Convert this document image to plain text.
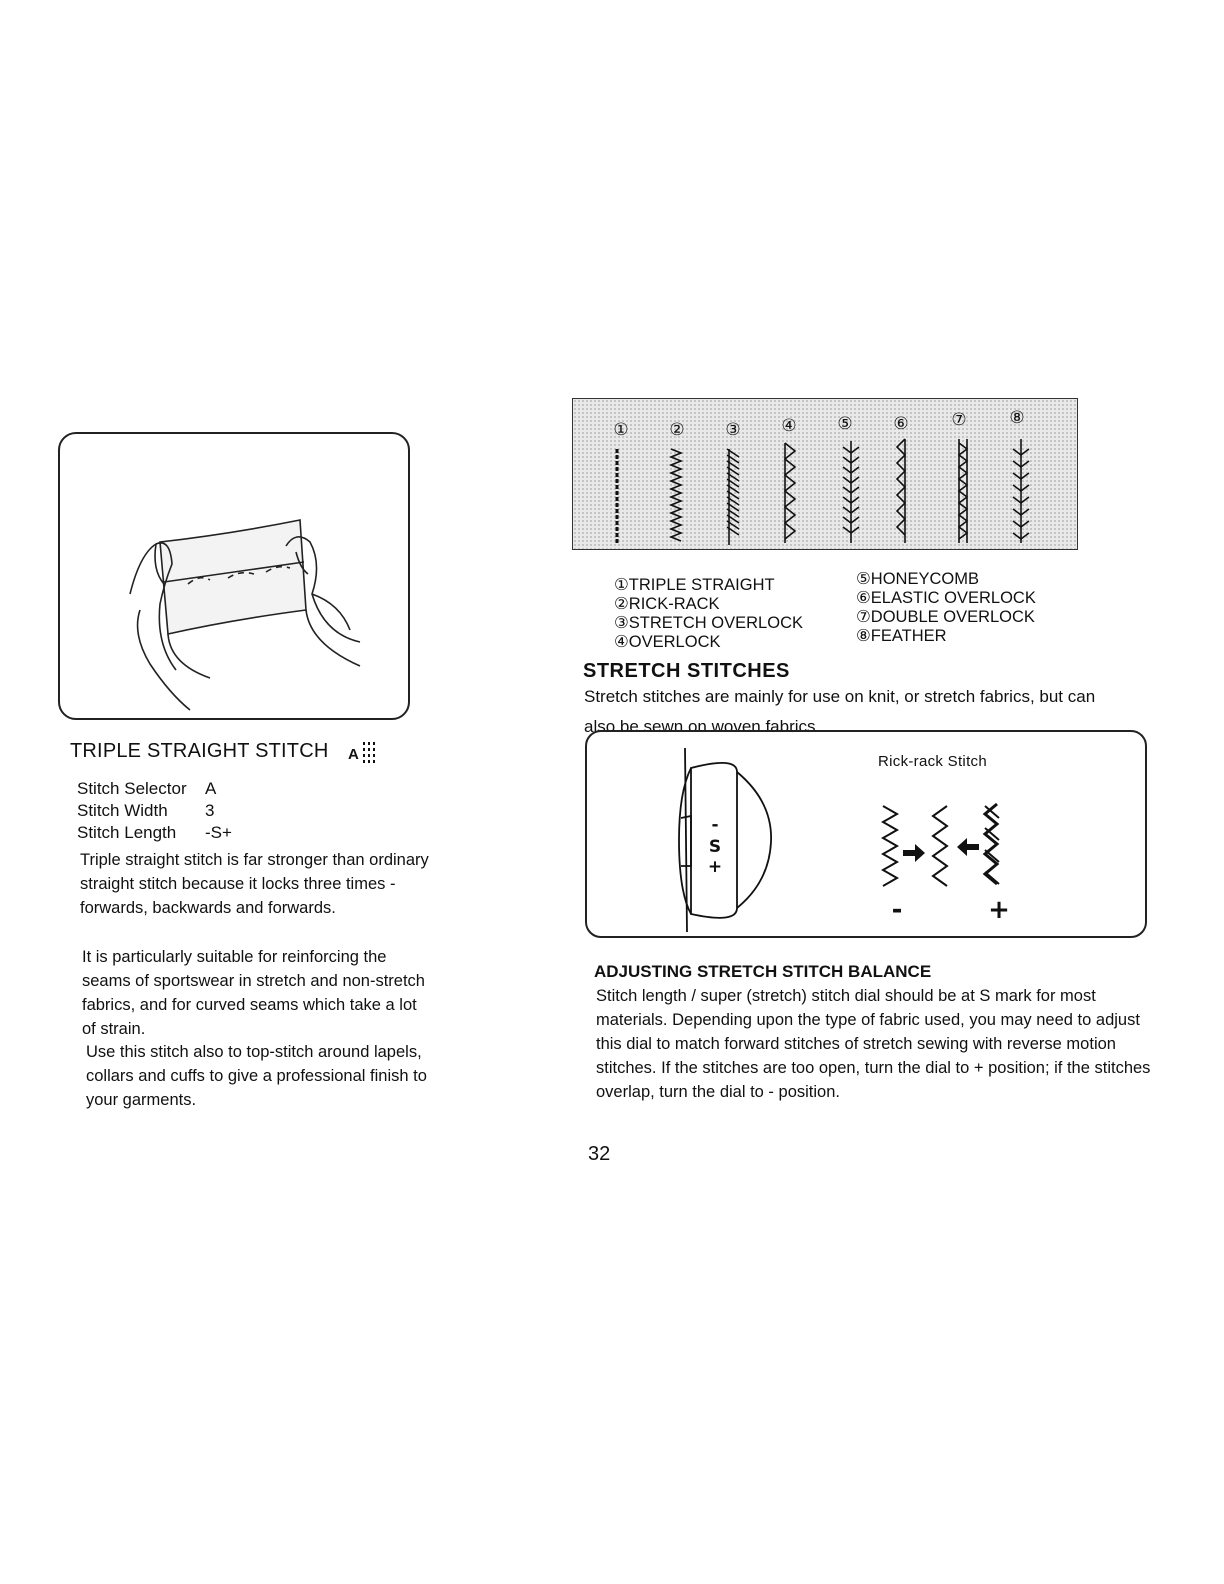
TRIPLE STRAIGHT STITCH A
Stitch Selector	A
Stitch Width	3
Stitch Length	-S+
Triple straight stitch is far stronger than ordinary straight stitch because it locks three times - forwards, backwards and forwards.
It is particularly suitable for reinforcing the seams of sportswear in stretch and non-stretch fabrics, and for curved seams which take a lot of strain.
Use this stitch also to top-stitch around lapels, collars and cuffs to give a professional finish to your garments.
① ② ③ ④ ⑤ ⑥	⑦	⑧
①TRIPLE STRAIGHT
②RICK-RACK
③STRETCH OVERLOCK
④OVERLOCK
⑤HONEYCOMB
⑥ELASTIC OVERLOCK
⑦DOUBLE OVERLOCK
⑧FEATHER
STRETCH STITCHES
Stretch stitches are mainly for use on knit, or stretch fabrics, but can also be sewn on woven fabrics.
-
S
+
-	+
Rick-rack Stitch
ADJUSTING STRETCH STITCH BALANCE
Stitch length / super (stretch) stitch dial should be at S mark for most materials. Depending upon the type of fabric used, you may need to adjust this dial to match forward stitches of stretch sewing with reverse motion stitches. If the stitches are too open, turn the dial to + position; if the stitches overlap, turn the dial to - position.
32
